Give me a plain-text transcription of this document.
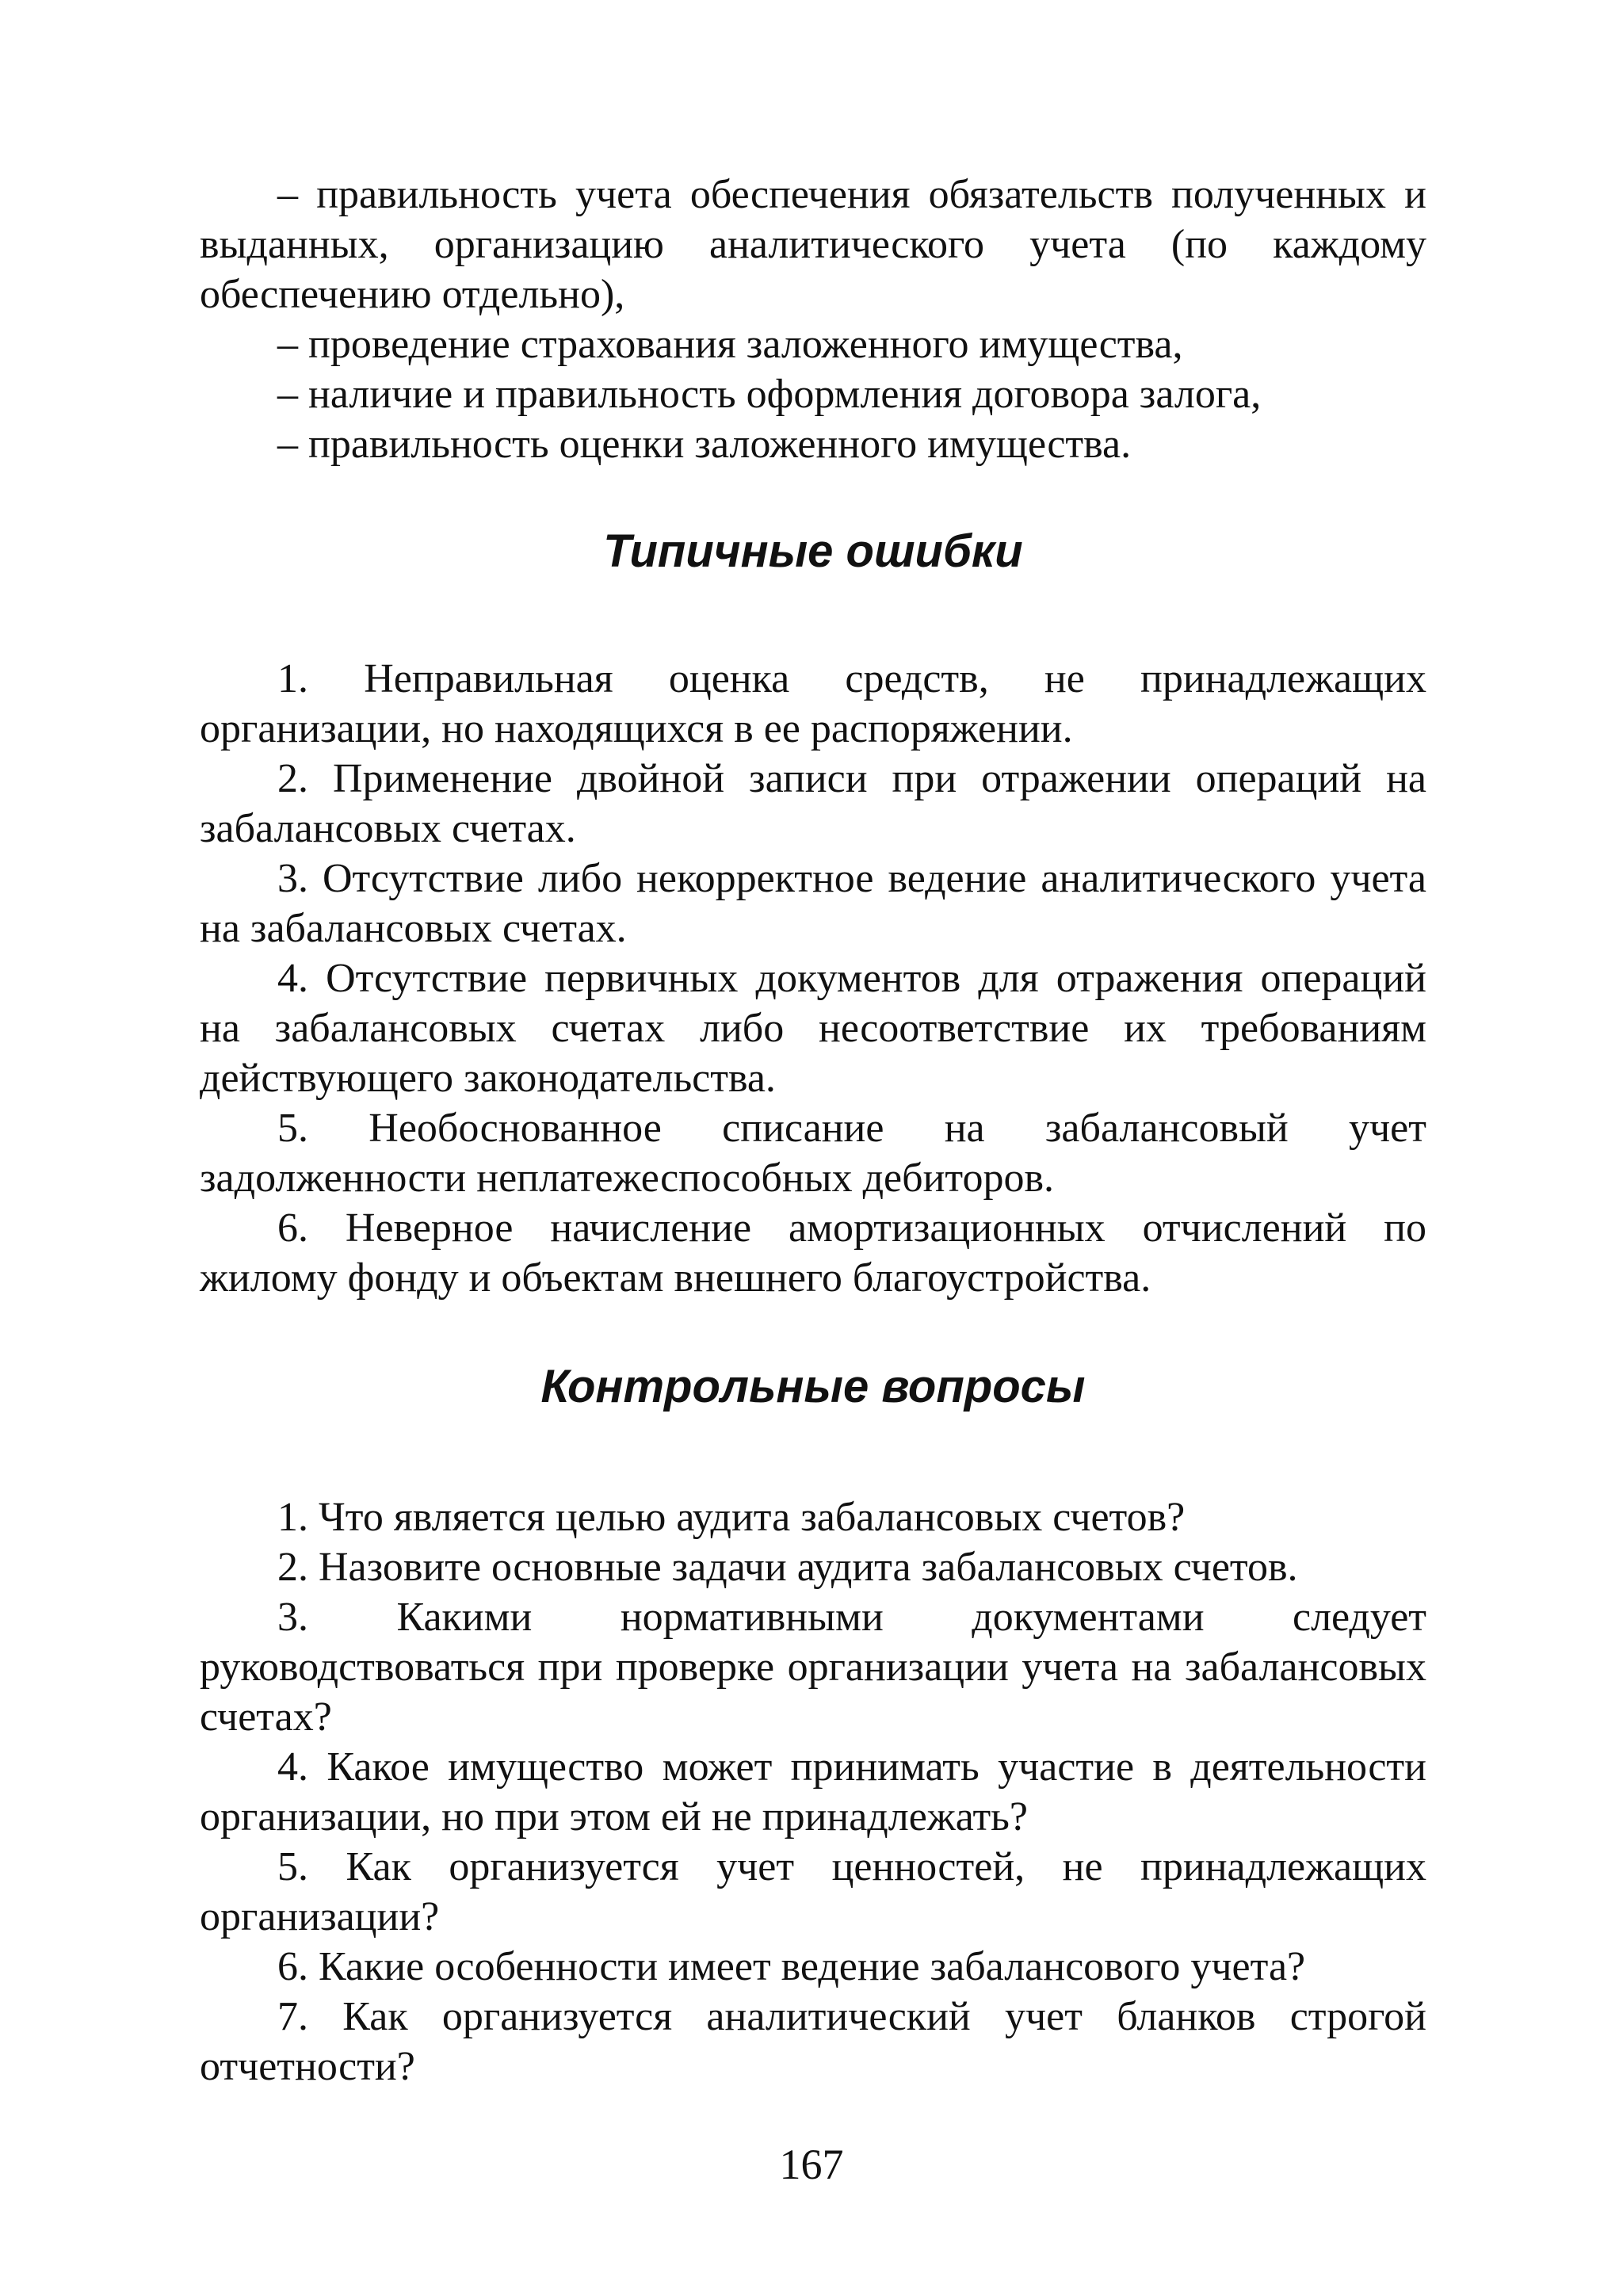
– правильность учета обеспечения обязательств полученных и выданных, организацию аналитического учета (по каждому обеспечению отдельно),

– проведение страхования заложенного имущества,

– наличие и правильность оформления договора залога,

– правильность оценки заложенного имущества.

Типичные ошибки

1. Неправильная оценка средств, не принадлежащих организации, но находящихся в ее распоряжении.

2. Применение двойной записи при отражении операций на забалансовых счетах.

3. Отсутствие либо некорректное ведение аналитического учета на забалансовых счетах.

4. Отсутствие первичных документов для отражения операций на забалансовых счетах либо несоответствие их требованиям действующего законодательства.

5. Необоснованное списание на забалансовый учет задолженности неплатежеспособных дебиторов.

6. Неверное начисление амортизационных отчислений по жилому фонду и объектам внешнего благоустройства.

Контрольные вопросы

1. Что является целью аудита забалансовых счетов?

2. Назовите основные задачи аудита забалансовых счетов.

3. Какими нормативными документами следует руководствоваться при проверке организации учета на забалансовых счетах?

4. Какое имущество может принимать участие в деятельности организации, но при этом ей не принадлежать?

5. Как организуется учет ценностей, не принадлежащих организации?

6. Какие особенности имеет ведение забалансового учета?

7. Как организуется аналитический учет бланков строгой отчетности?

167
